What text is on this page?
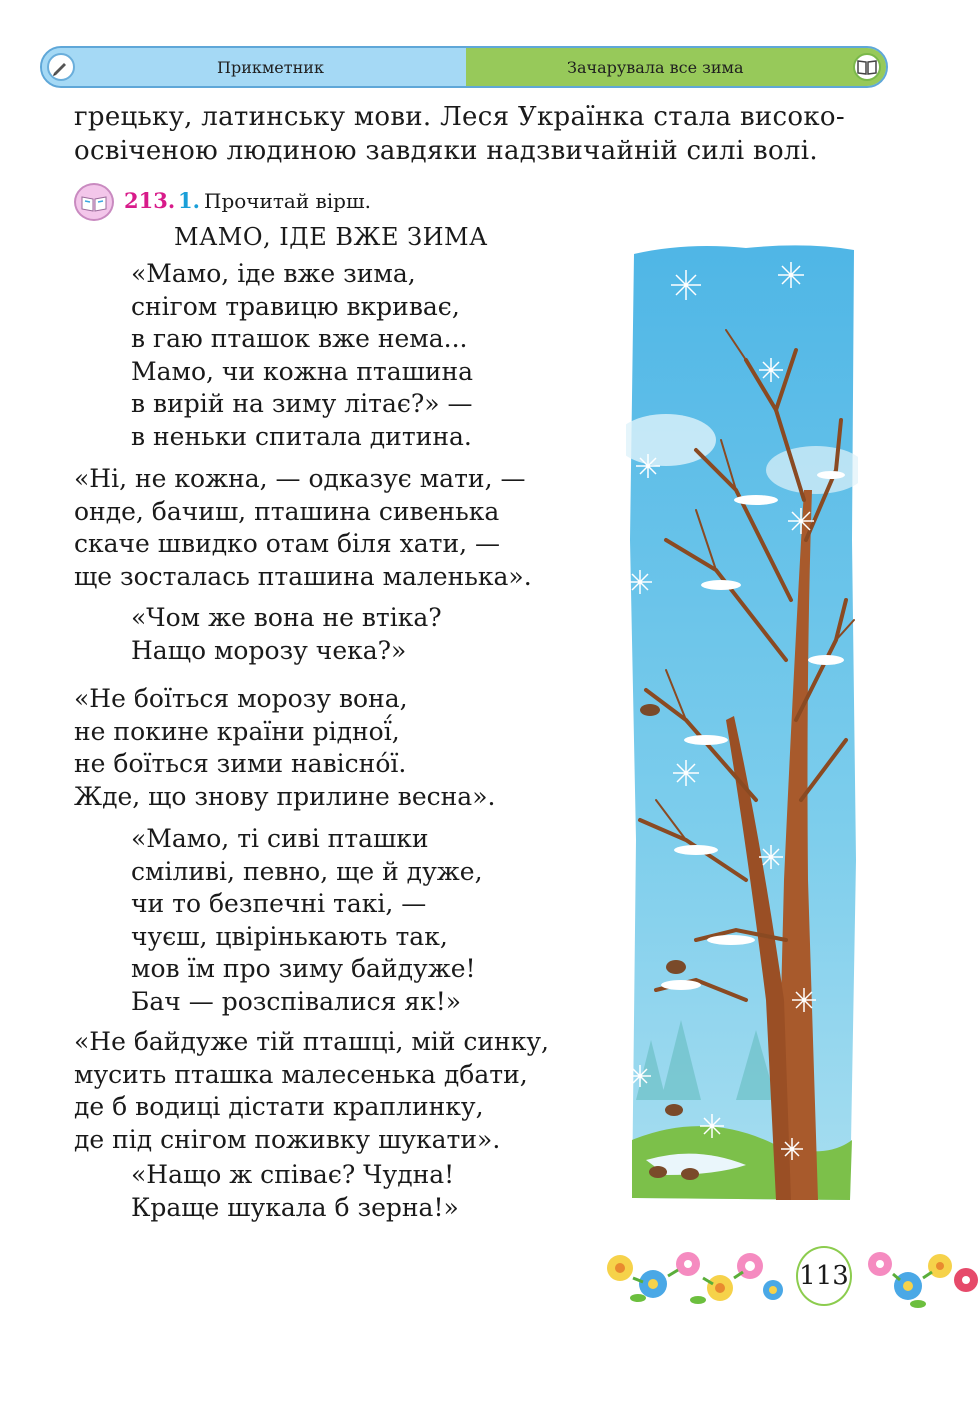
Прикметник	Зачарувала все зима
грецьку, латинську мови. Леся Українка стала високо-
освіченою людиною завдяки надзвичайній силі волі.
213. 1. Прочитай вірш.
МАМО, ІДЕ ВЖЕ ЗИМА
«Мамо, іде вже зима,
снігом травицю вкриває,
в гаю пташок вже нема...
Мамо, чи кожна пташина
в вирій на зиму літає?» —
в неньки спитала дитина.
«Ні, не кожна, — одказує мати, —
онде, бачиш, пташина сивенька
скаче швидко отам біля хати, —
ще зосталась пташина маленька».
«Чом же вона не втіка?
Нащо морозу чека?»
«Не боїться морозу вона,
не покине країни рідної́,
не боїться зими навісно́ї.
Жде, що знову прилине весна».
«Мамо, ті сиві пташки
сміливі, певно, ще й дуже,
чи то безпечні такі, —
чуєш, цвірінькають так,
мов їм про зиму байдуже!
Бач — розспівалися як!»
«Не байдуже тій пташці, мій синку,
мусить пташка малесенька дбати,
де б водиці дістати краплинку,
де під снігом поживку шукати».
«Нащо ж співає? Чудна!
Краще шукала б зерна!»
113
